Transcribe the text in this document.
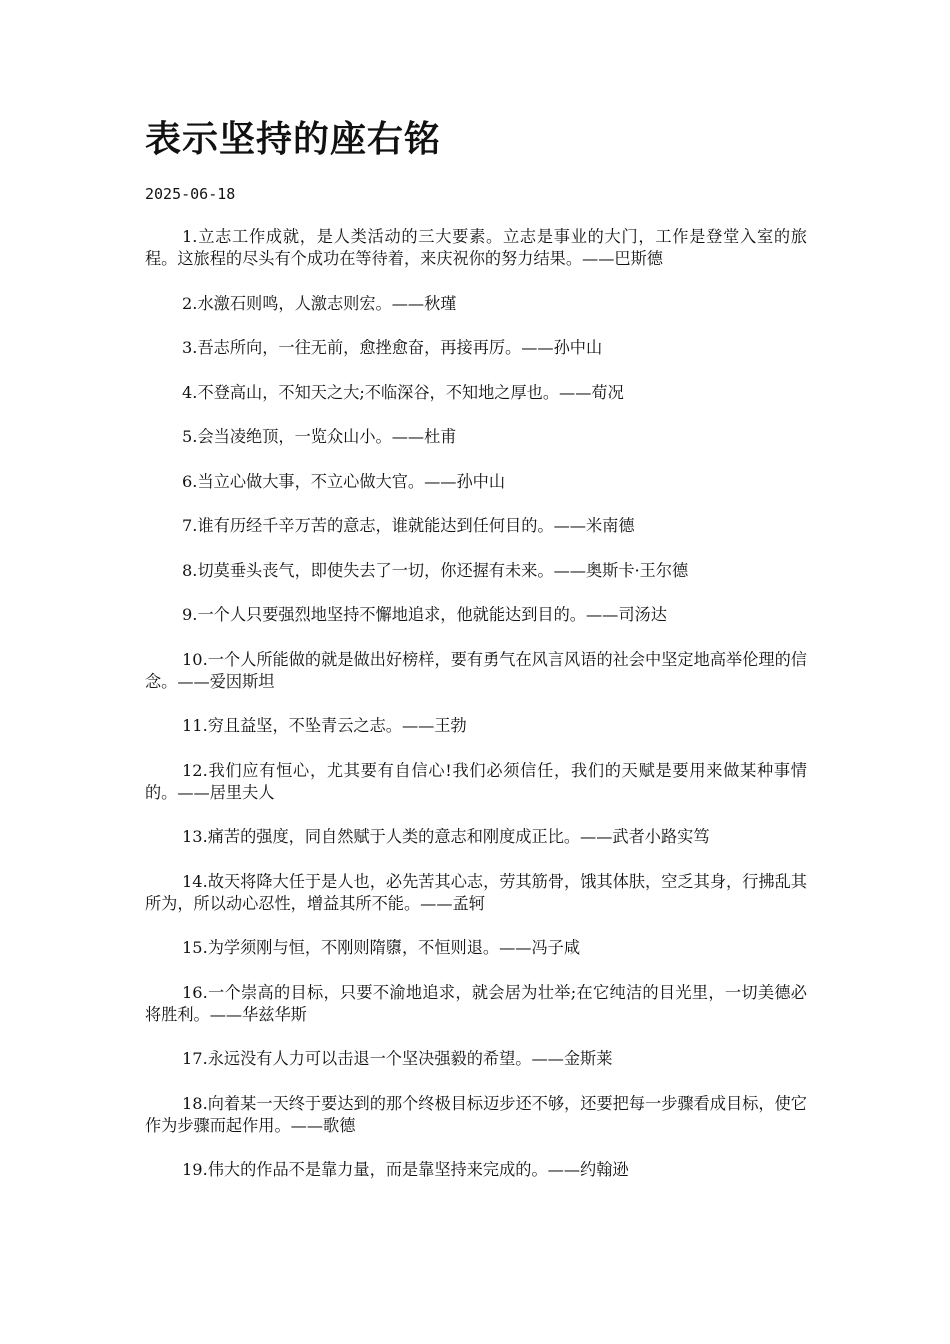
表示坚持的座右铭
2025-06-18

1.立志工作成就，是人类活动的三大要素。立志是事业的大门，工作是登堂入室的旅程。这旅程的尽头有个成功在等待着，来庆祝你的努力结果。——巴斯德

2.水激石则鸣，人激志则宏。——秋瑾

3.吾志所向，一往无前，愈挫愈奋，再接再厉。——孙中山

4.不登高山，不知天之大;不临深谷，不知地之厚也。——荀况

5.会当凌绝顶，一览众山小。——杜甫

6.当立心做大事，不立心做大官。——孙中山

7.谁有历经千辛万苦的意志，谁就能达到任何目的。——米南德

8.切莫垂头丧气，即使失去了一切，你还握有未来。——奥斯卡·王尔德

9.一个人只要强烈地坚持不懈地追求，他就能达到目的。——司汤达

10.一个人所能做的就是做出好榜样，要有勇气在风言风语的社会中坚定地高举伦理的信念。——爱因斯坦

11.穷且益坚，不坠青云之志。——王勃

12.我们应有恒心，尤其要有自信心!我们必须信任，我们的天赋是要用来做某种事情的。——居里夫人

13.痛苦的强度，同自然赋于人类的意志和刚度成正比。——武者小路实笃

14.故天将降大任于是人也，必先苦其心志，劳其筋骨，饿其体肤，空乏其身，行拂乱其所为，所以动心忍性，增益其所不能。——孟轲

15.为学须刚与恒，不刚则隋隳，不恒则退。——冯子咸

16.一个崇高的目标，只要不渝地追求，就会居为壮举;在它纯洁的目光里，一切美德必将胜利。——华兹华斯

17.永远没有人力可以击退一个坚决强毅的希望。——金斯莱

18.向着某一天终于要达到的那个终极目标迈步还不够，还要把每一步骤看成目标，使它作为步骤而起作用。——歌德

19.伟大的作品不是靠力量，而是靠坚持来完成的。——约翰逊
